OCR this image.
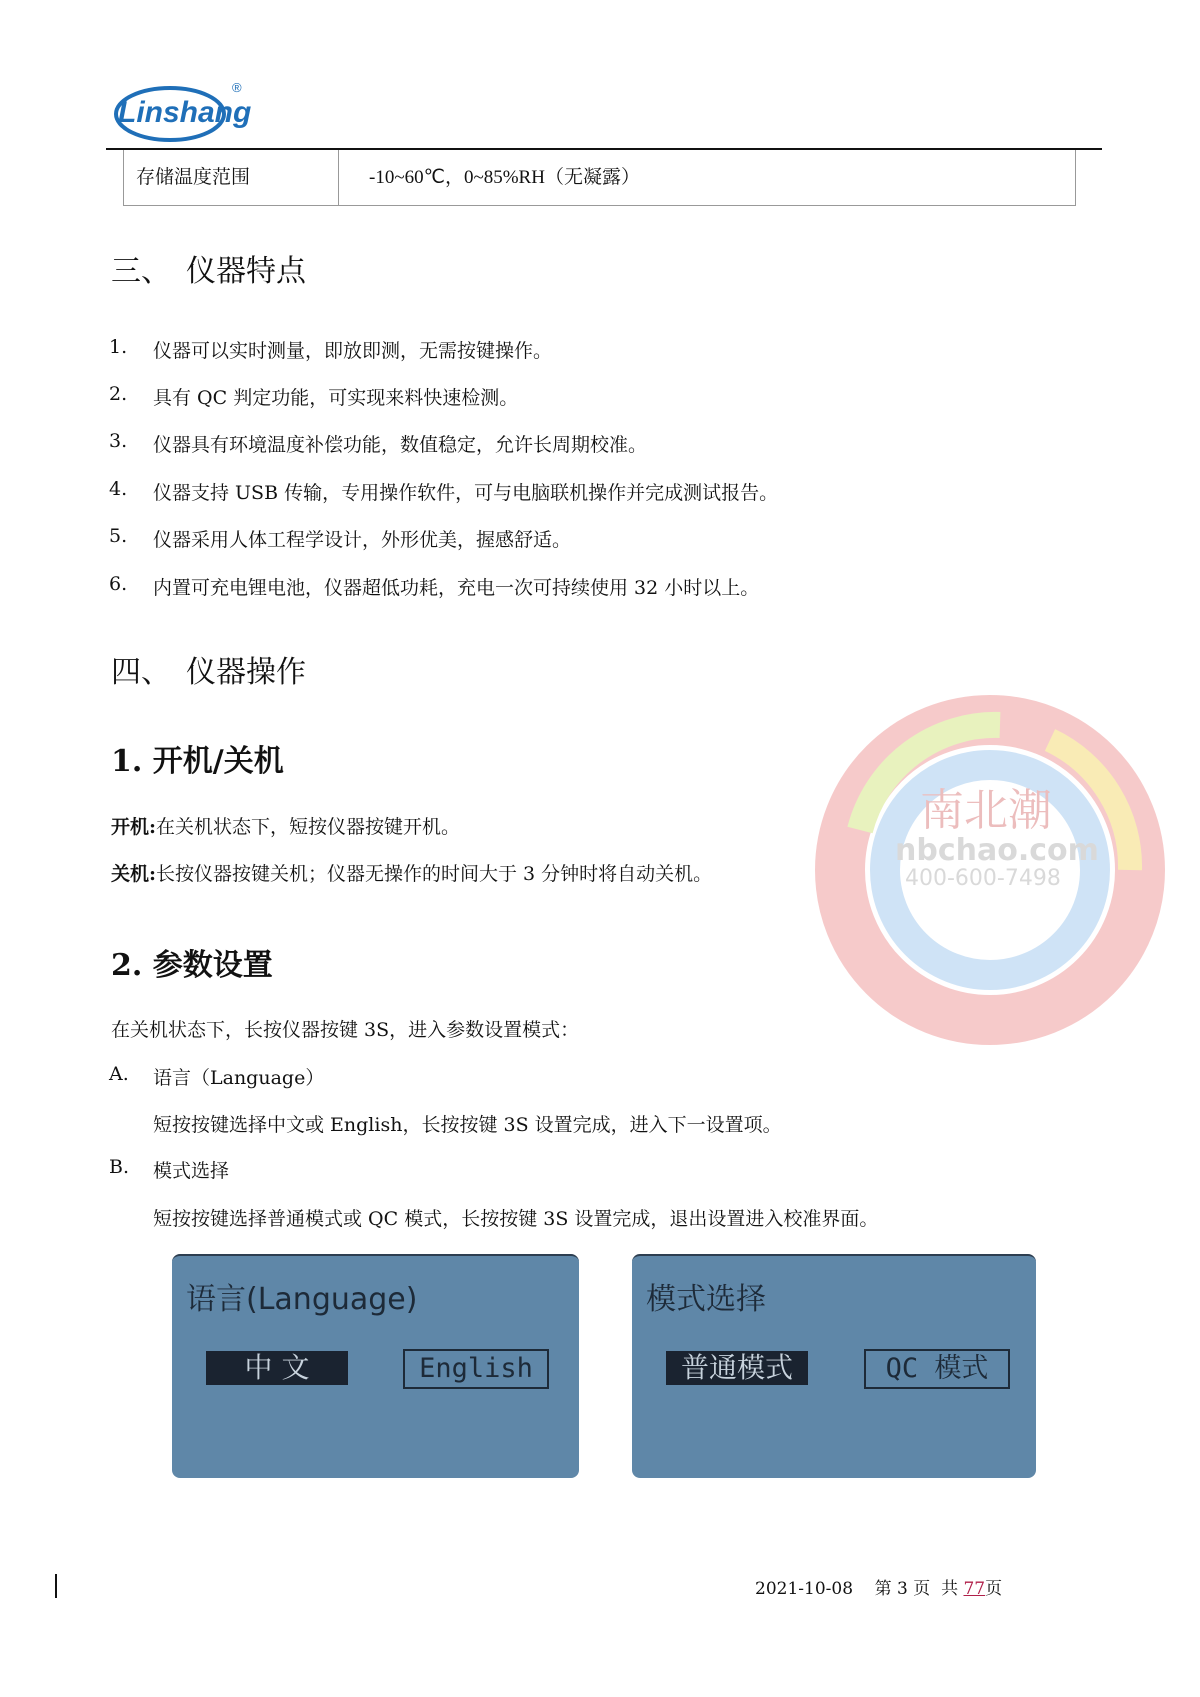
Linshang
®
存储温度范围	-10~60℃，0~85%RH（无凝露）
南北潮
nbchao.com
400-600-7498
三、　仪器特点
1. 仪器可以实时测量，即放即测，无需按键操作。
2. 具有 QC 判定功能，可实现来料快速检测。
3. 仪器具有环境温度补偿功能，数值稳定，允许长周期校准。
4. 仪器支持 USB 传输，专用操作软件，可与电脑联机操作并完成测试报告。
5. 仪器采用人体工程学设计，外形优美，握感舒适。
6. 内置可充电锂电池，仪器超低功耗，充电一次可持续使用 32 小时以上。
四、　仪器操作
1. 开机/关机
开机:在关机状态下，短按仪器按键开机。
关机:长按仪器按键关机；仪器无操作的时间大于 3 分钟时将自动关机。
2. 参数设置
在关机状态下，长按仪器按键 3S，进入参数设置模式：
A. 语言（Language）
短按按键选择中文或 English，长按按键 3S 设置完成，进入下一设置项。
B. 模式选择
短按按键选择普通模式或 QC 模式，长按按键 3S 设置完成，退出设置进入校准界面。
语言(Language)
中 文	English
模式选择
普通模式	QC 模式
2021-10-08 第 3 页 共 77页
